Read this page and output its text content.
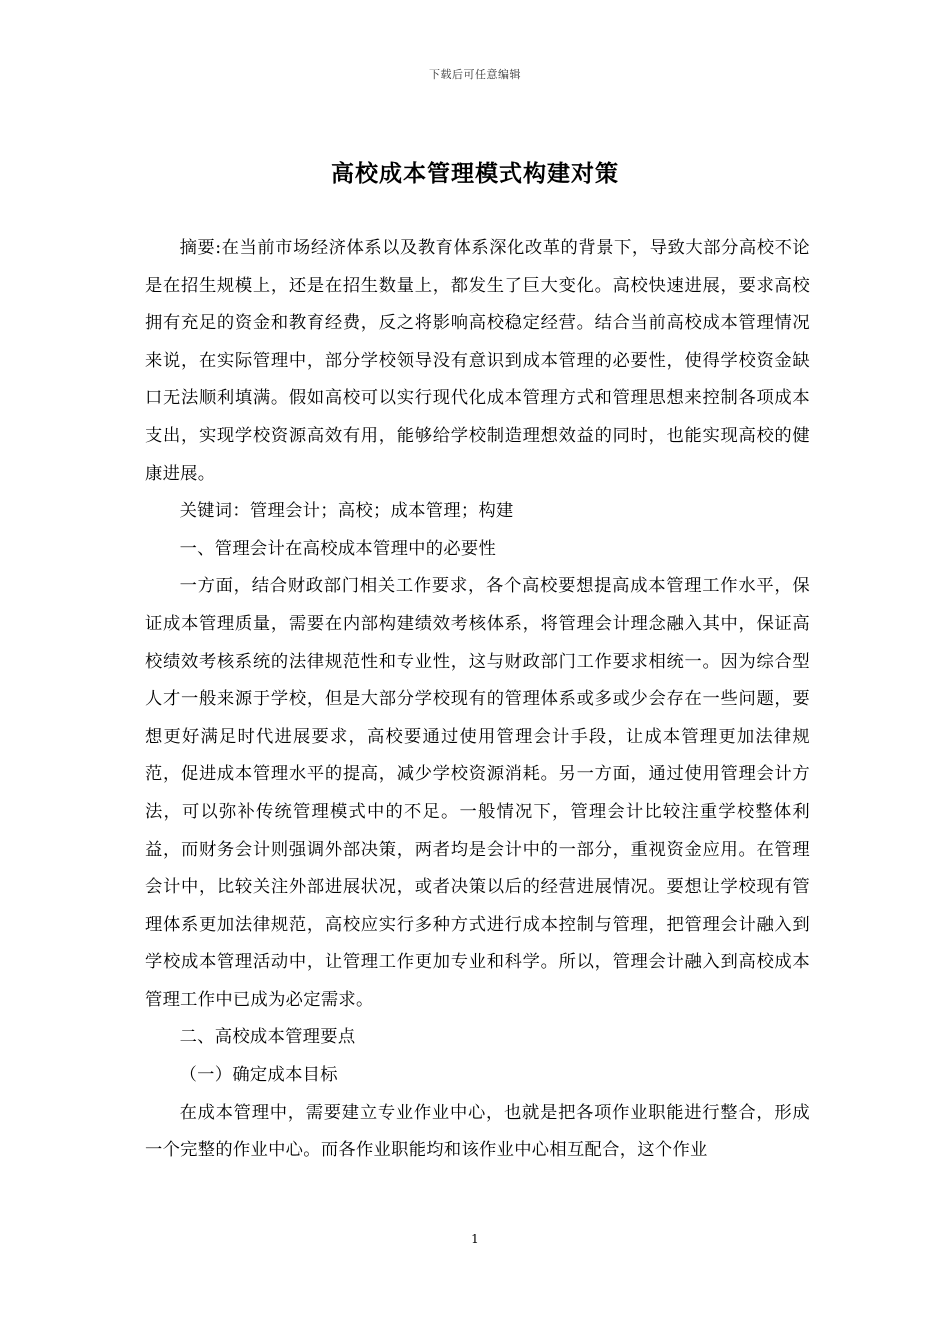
下载后可任意编辑
高校成本管理模式构建对策

摘要:在当前市场经济体系以及教育体系深化改革的背景下，导致大部分高校不论是在招生规模上，还是在招生数量上，都发生了巨大变化。高校快速进展，要求高校拥有充足的资金和教育经费，反之将影响高校稳定经营。结合当前高校成本管理情况来说，在实际管理中，部分学校领导没有意识到成本管理的必要性，使得学校资金缺口无法顺利填满。假如高校可以实行现代化成本管理方式和管理思想来控制各项成本支出，实现学校资源高效有用，能够给学校制造理想效益的同时，也能实现高校的健康进展。

关键词：管理会计；高校；成本管理；构建

一、管理会计在高校成本管理中的必要性

一方面，结合财政部门相关工作要求，各个高校要想提高成本管理工作水平，保证成本管理质量，需要在内部构建绩效考核体系，将管理会计理念融入其中，保证高校绩效考核系统的法律规范性和专业性，这与财政部门工作要求相统一。因为综合型人才一般来源于学校，但是大部分学校现有的管理体系或多或少会存在一些问题，要想更好满足时代进展要求，高校要通过使用管理会计手段，让成本管理更加法律规范，促进成本管理水平的提高，减少学校资源消耗。另一方面，通过使用管理会计方法，可以弥补传统管理模式中的不足。一般情况下，管理会计比较注重学校整体利益，而财务会计则强调外部决策，两者均是会计中的一部分，重视资金应用。在管理会计中，比较关注外部进展状况，或者决策以后的经营进展情况。要想让学校现有管理体系更加法律规范，高校应实行多种方式进行成本控制与管理，把管理会计融入到学校成本管理活动中，让管理工作更加专业和科学。所以，管理会计融入到高校成本管理工作中已成为必定需求。

二、高校成本管理要点

（一）确定成本目标

在成本管理中，需要建立专业作业中心，也就是把各项作业职能进行整合，形成一个完整的作业中心。而各作业职能均和该作业中心相互配合，这个作业

1
